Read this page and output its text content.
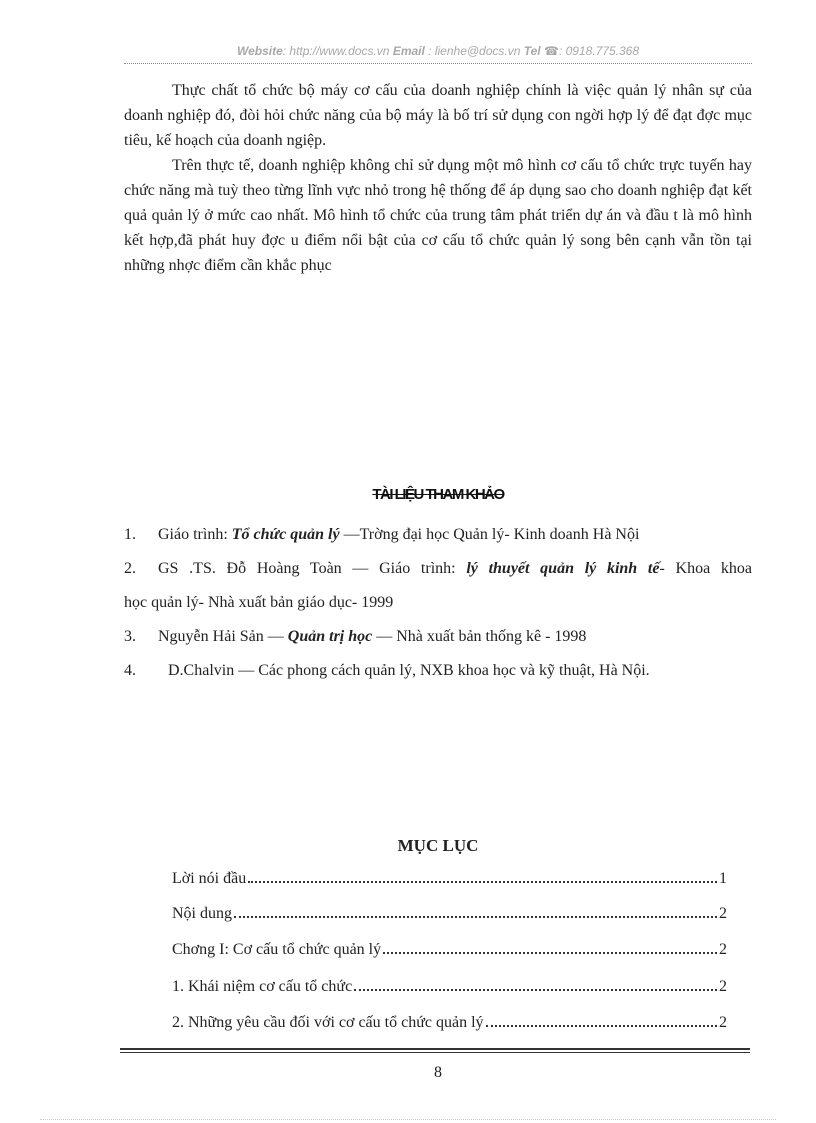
Website: http://www.docs.vn Email : lienhe@docs.vn Tel ☎: 0918.775.368

Thực chất tổ chức bộ máy cơ cấu của doanh nghiệp chính là việc quản lý nhân sự của doanh nghiệp đó, đòi hỏi chức năng của bộ máy là bố trí sử dụng con ngời hợp lý để đạt đợc mục tiêu, kế hoạch của doanh ngiệp.

Trên thực tế, doanh nghiệp không chỉ sử dụng một mô hình cơ cấu tổ chức trực tuyến hay chức năng mà tuỳ theo từng lĩnh vực nhỏ trong hệ thống để áp dụng sao cho doanh nghiệp đạt kết quả quản lý ở mức cao nhất. Mô hình tổ chức của trung tâm phát triển dự án và đầu t là mô hình kết hợp,đã phát huy đợc u điểm nổi bật của cơ cấu tổ chức quản lý song bên cạnh vẫn tồn tại những nhợc điểm cần khắc phục

TÀI LIỆU THAM KHẢO

1. Giáo trình: Tổ chức quản lý —Trờng đại học Quản lý- Kinh doanh Hà Nội

2. GS .TS. Đỗ Hoàng Toàn — Giáo trình: lý thuyết quản lý kinh tế- Khoa khoa

học quản lý- Nhà xuất bản giáo dục- 1999

3. Nguyễn Hải Sản — Quản trị học — Nhà xuất bản thống kê - 1998

4. D.Chalvin — Các phong cách quản lý, NXB khoa học và kỹ thuật, Hà Nội.

MỤC LỤC
Lời nói đầu	1
Nội dung	2
Chơng I: Cơ cấu tổ chức quản lý	2
1. Khái niệm cơ cấu tổ chức	2
2. Những yêu cầu đối với cơ cấu tổ chức quản lý	2
8
